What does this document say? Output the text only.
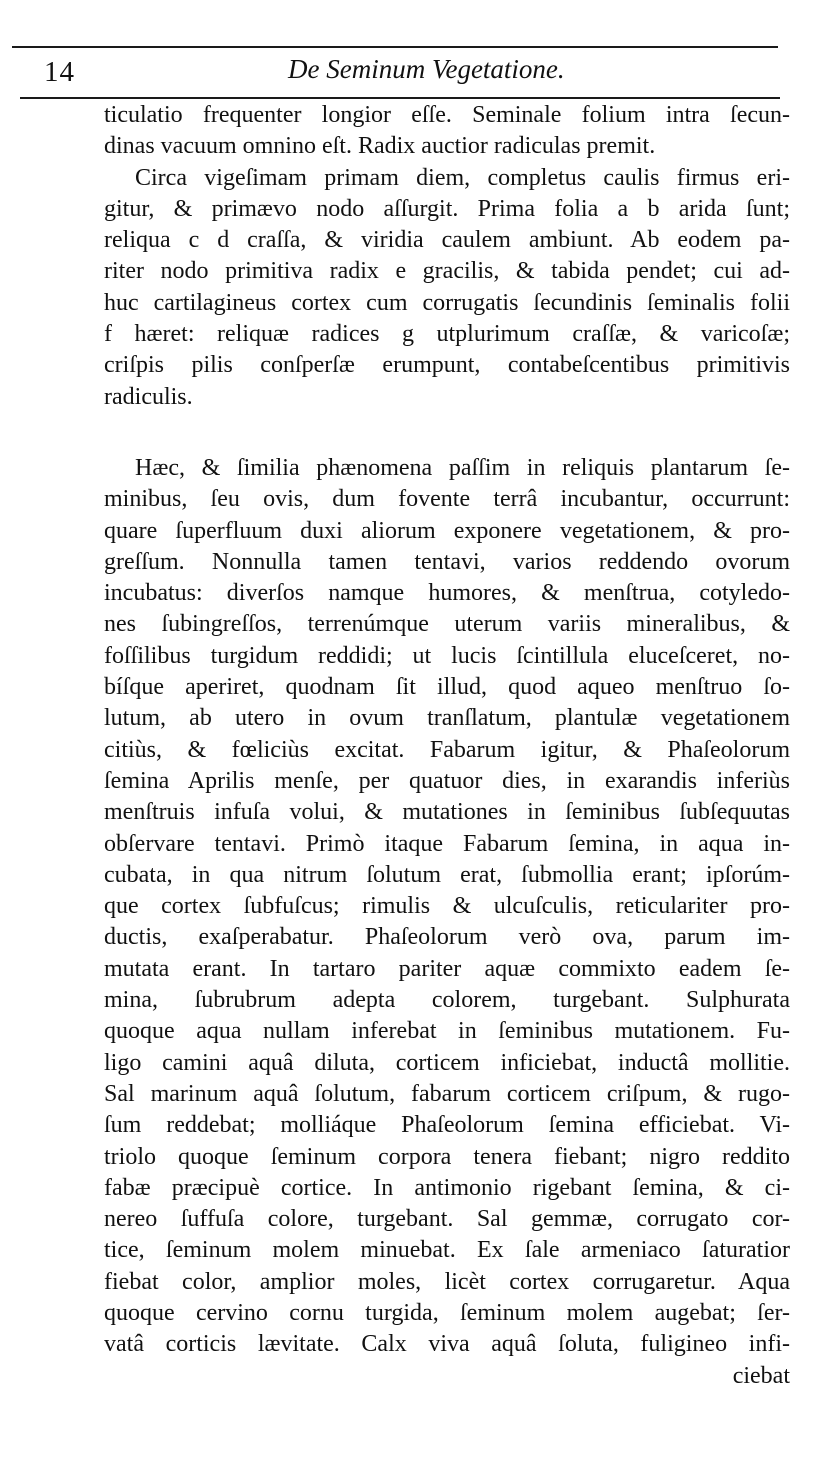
14	De Seminum Vegetatione.
ticulatio frequenter longior eſſe. Seminale folium intra ſecun-
dinas vacuum omnino eſt. Radix auctior radiculas premit.
Circa vigeſimam primam diem, completus caulis firmus eri-
gitur, & primævo nodo aſſurgit. Prima folia a b arida ſunt;
reliqua c d craſſa, & viridia caulem ambiunt. Ab eodem pa-
riter nodo primitiva radix e gracilis, & tabida pendet; cui ad-
huc cartilagineus cortex cum corrugatis ſecundinis ſeminalis folii
f hæret: reliquæ radices g utplurimum craſſæ, & varicoſæ;
criſpis pilis conſperſæ erumpunt, contabeſcentibus primitivis
radiculis.
Hæc, & ſimilia phænomena paſſim in reliquis plantarum ſe-
minibus, ſeu ovis, dum fovente terrâ incubantur, occurrunt:
quare ſuperfluum duxi aliorum exponere vegetationem, & pro-
greſſum. Nonnulla tamen tentavi, varios reddendo ovorum
incubatus: diverſos namque humores, & menſtrua, cotyledo-
nes ſubingreſſos, terrenúmque uterum variis mineralibus, &
foſſilibus turgidum reddidi; ut lucis ſcintillula eluceſceret, no-
bíſque aperiret, quodnam ſit illud, quod aqueo menſtruo ſo-
lutum, ab utero in ovum tranſlatum, plantulæ vegetationem
citiùs, & fœliciùs excitat. Fabarum igitur, & Phaſeolorum
ſemina Aprilis menſe, per quatuor dies, in exarandis inferiùs
menſtruis infuſa volui, & mutationes in ſeminibus ſubſequutas
obſervare tentavi. Primò itaque Fabarum ſemina, in aqua in-
cubata, in qua nitrum ſolutum erat, ſubmollia erant; ipſorúm-
que cortex ſubfuſcus; rimulis & ulcuſculis, reticulariter pro-
ductis, exaſperabatur. Phaſeolorum verò ova, parum im-
mutata erant. In tartaro pariter aquæ commixto eadem ſe-
mina, ſubrubrum adepta colorem, turgebant. Sulphurata
quoque aqua nullam inferebat in ſeminibus mutationem. Fu-
ligo camini aquâ diluta, corticem inficiebat, inductâ mollitie.
Sal marinum aquâ ſolutum, fabarum corticem criſpum, & rugo-
ſum reddebat; molliáque Phaſeolorum ſemina efficiebat. Vi-
triolo quoque ſeminum corpora tenera fiebant; nigro reddito
fabæ præcipuè cortice. In antimonio rigebant ſemina, & ci-
nereo ſuffuſa colore, turgebant. Sal gemmæ, corrugato cor-
tice, ſeminum molem minuebat. Ex ſale armeniaco ſaturatior
fiebat color, amplior moles, licèt cortex corrugaretur. Aqua
quoque cervino cornu turgida, ſeminum molem augebat; ſer-
vatâ corticis lævitate. Calx viva aquâ ſoluta, fuligineo infi-
ciebat
